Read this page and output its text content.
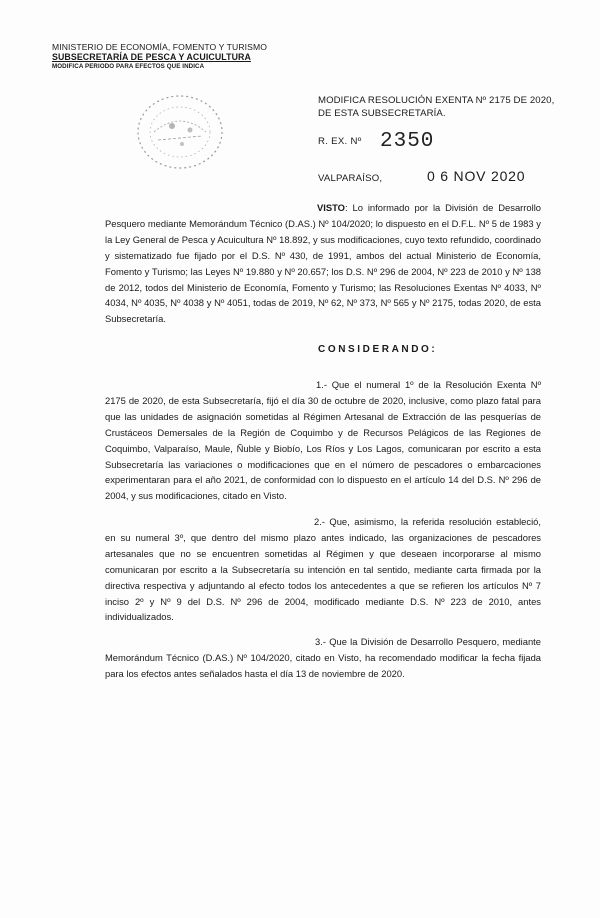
MINISTERIO DE ECONOMÍA, FOMENTO Y TURISMO
SUBSECRETARÍA DE PESCA Y ACUICULTURA
MODIFICA PERIODO PARA EFECTOS QUE INDICA
MODIFICA RESOLUCIÓN EXENTA Nº 2175 DE 2020, DE ESTA SUBSECRETARÍA.
R. EX. Nº 2350
VALPARAÍSO,	0 6 NOV 2020
VISTO: Lo informado por la División de Desarrollo Pesquero mediante Memorándum Técnico (D.AS.) Nº 104/2020; lo dispuesto en el D.F.L. Nº 5 de 1983 y la Ley General de Pesca y Acuicultura Nº 18.892, y sus modificaciones, cuyo texto refundido, coordinado y sistematizado fue fijado por el D.S. Nº 430, de 1991, ambos del actual Ministerio de Economía, Fomento y Turismo; las Leyes Nº 19.880 y Nº 20.657; los D.S. Nº 296 de 2004, Nº 223 de 2010 y Nº 138 de 2012, todos del Ministerio de Economía, Fomento y Turismo; las Resoluciones Exentas Nº 4033, Nº 4034, Nº 4035, Nº 4038 y Nº 4051, todas de 2019, Nº 62, Nº 373, Nº 565 y Nº 2175, todas 2020, de esta Subsecretaría.
CONSIDERANDO:
1.- Que el numeral 1º de la Resolución Exenta Nº 2175 de 2020, de esta Subsecretaría, fijó el día 30 de octubre de 2020, inclusive, como plazo fatal para que las unidades de asignación sometidas al Régimen Artesanal de Extracción de las pesquerías de Crustáceos Demersales de la Región de Coquimbo y de Recursos Pelágicos de las Regiones de Coquimbo, Valparaíso, Maule, Ñuble y Biobío, Los Ríos y Los Lagos, comunicaran por escrito a esta Subsecretaría las variaciones o modificaciones que en el número de pescadores o embarcaciones experimentaran para el año 2021, de conformidad con lo dispuesto en el artículo 14 del D.S. Nº 296 de 2004, y sus modificaciones, citado en Visto.
2.- Que, asimismo, la referida resolución estableció, en su numeral 3º, que dentro del mismo plazo antes indicado, las organizaciones de pescadores artesanales que no se encuentren sometidas al Régimen y que deseaen incorporarse al mismo comunicaran por escrito a la Subsecretaría su intención en tal sentido, mediante carta firmada por la directiva respectiva y adjuntando al efecto todos los antecedentes a que se refieren los artículos Nº 7 inciso 2º y Nº 9 del D.S. Nº 296 de 2004, modificado mediante D.S. Nº 223 de 2010, antes individualizados.
3.- Que la División de Desarrollo Pesquero, mediante Memorándum Técnico (D.AS.) Nº 104/2020, citado en Visto, ha recomendado modificar la fecha fijada para los efectos antes señalados hasta el día 13 de noviembre de 2020.
